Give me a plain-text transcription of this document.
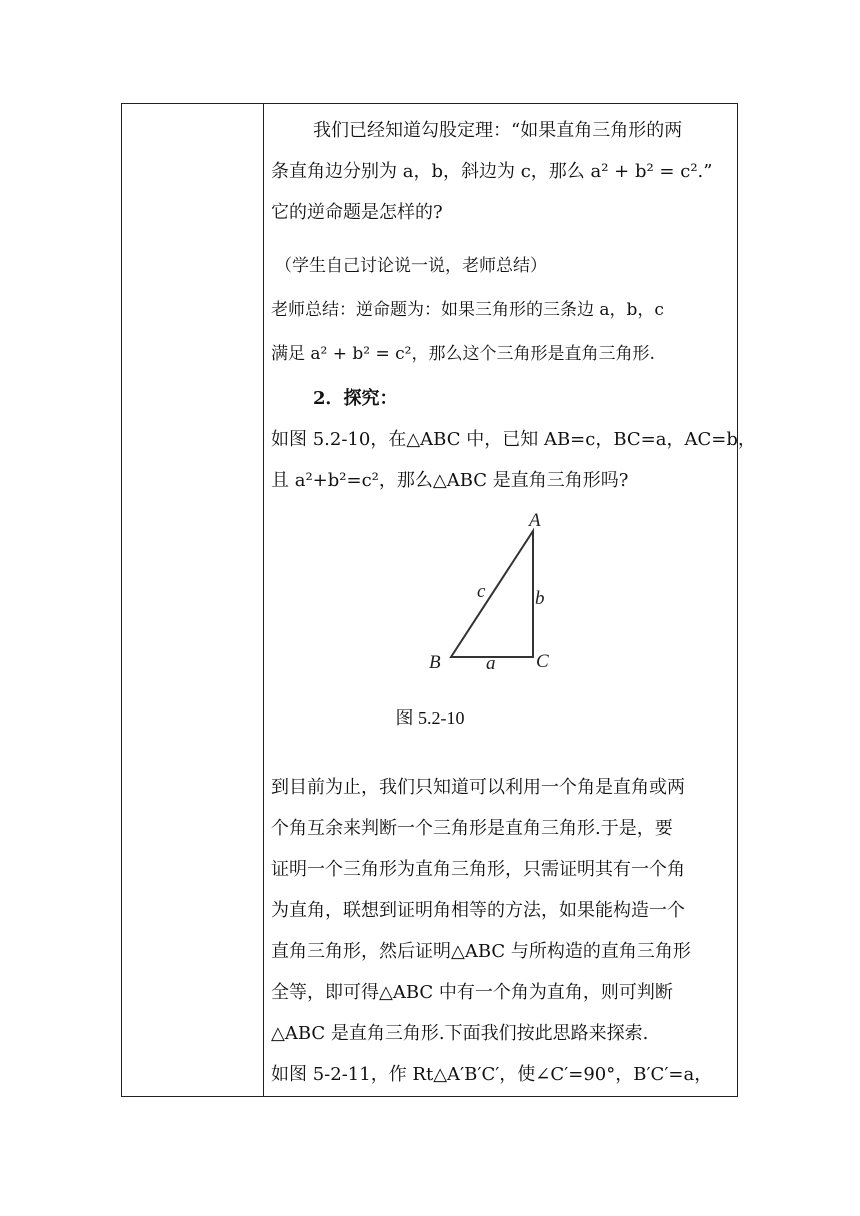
我们已经知道勾股定理：“如果直角三角形的两
条直角边分别为 a，b，斜边为 c，那么 a² + b² = c².”
它的逆命题是怎样的?
（学生自己讨论说一说，老师总结）
老师总结：逆命题为：如果三角形的三条边 a，b，c
满足 a² + b² = c²，那么这个三角形是直角三角形.
2．探究：
如图 5.2-10，在△ABC 中，已知 AB=c，BC=a，AC=b，
且 a²+b²=c²，那么△ABC 是直角三角形吗?
到目前为止，我们只知道可以利用一个角是直角或两
个角互余来判断一个三角形是直角三角形.于是，要
证明一个三角形为直角三角形，只需证明其有一个角
为直角，联想到证明角相等的方法，如果能构造一个
直角三角形，然后证明△ABC 与所构造的直角三角形
全等，即可得△ABC 中有一个角为直角，则可判断
△ABC 是直角三角形.下面我们按此思路来探索.
如图 5-2-11，作 Rt△A′B′C′，使∠C′=90°，B′C′=a，
A
B	C
b
c
a
图 5.2-10
